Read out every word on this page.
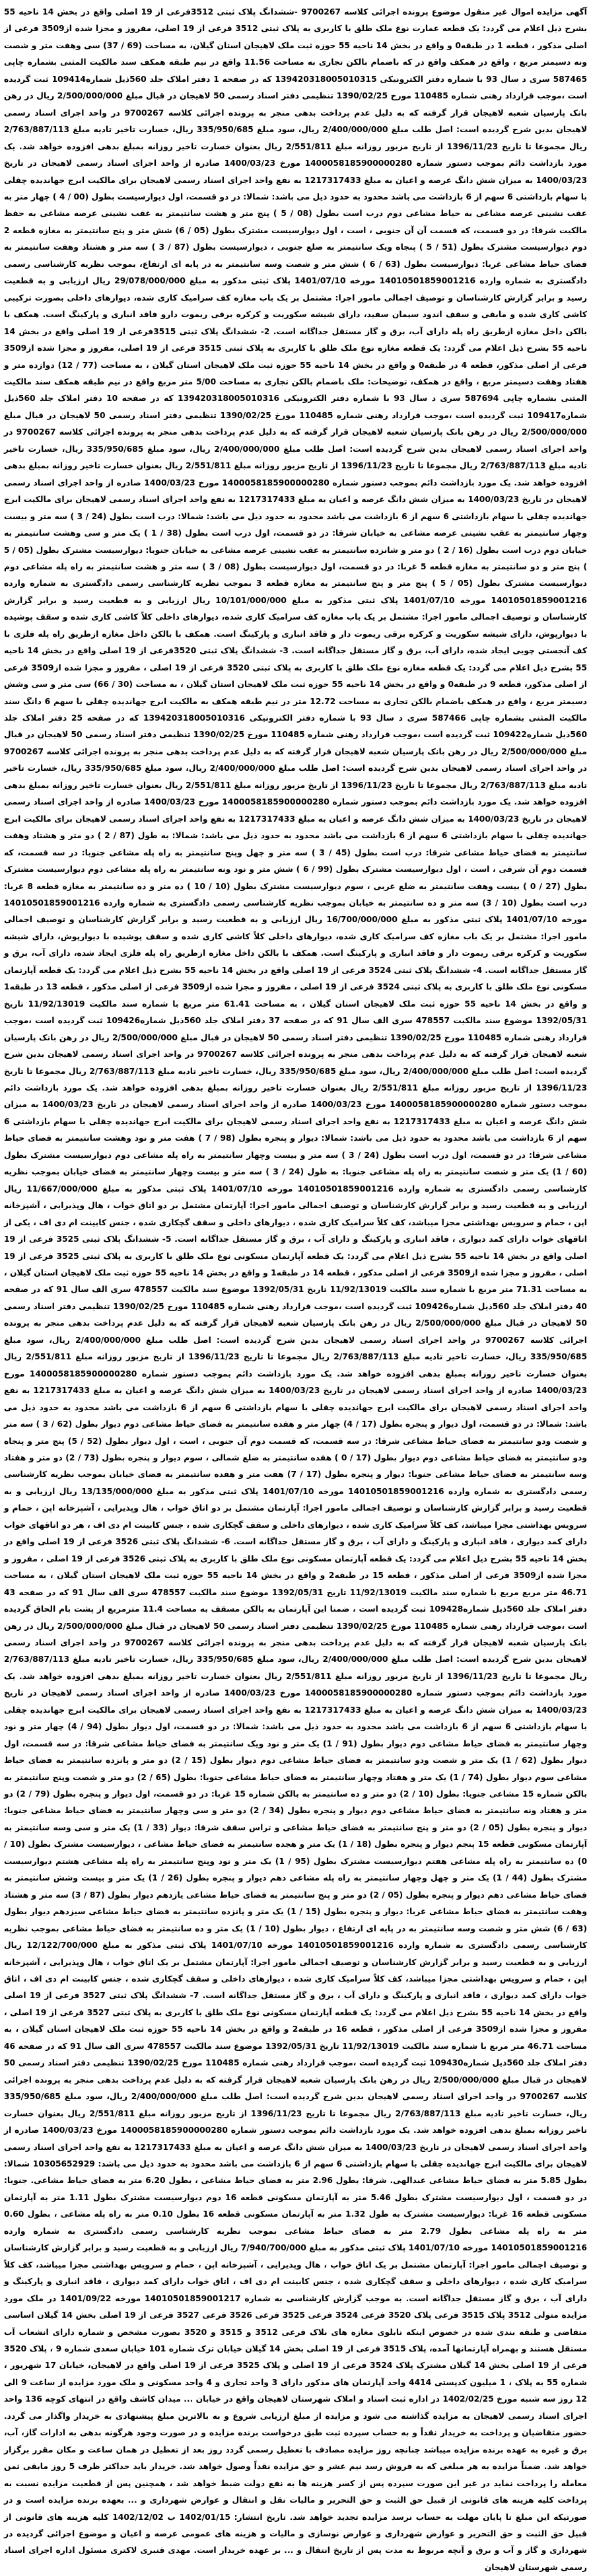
آگهی مزایده اموال غیر منقول موضوع پرونده اجرائی کلاسه 9700267 -ششدانگ پلاک ثبتی 3512فرعی از 19 اصلی واقع در بخش 14 ناحیه 55 بشرح ذیل اعلام می گردد: یک قطعه عمارت نوع ملک طلق با کاربری به پلاک ثبتی 3512 فرعی از 19 اصلی، مفروز و مجزا شده از3509 فرعی از اصلی مذکور ، قطعه 1 در طبقه0 و واقع در بخش 14 ناحیه 55 حوزه ثبت ملک لاهیجان استان گیلان، به مساحت (69 / 37) سی وهفت متر و شصت ونه دسیمتر مربع ، واقع در همکف واقع در که باضمام بالکن تجاری به مساحت 11.56 واقع در نیم طبقه همکف سند مالکیت المثنی بشماره چاپی 587465 سری د سال 93 با شماره دفتر الکترونیکی 139420318005010315 که در صفحه 1 دفتر املاک جلد 560ذیل شماره109414 ثبت گردیده است ،موجب قرارداد رهنی شماره 110485 مورخ 1390/02/25 تنظیمی دفتر اسناد رسمی 50 لاهیجان در قبال مبلغ 2/500/000/000 ریال در رهن بانک پارسیان شعبه لاهیجان قرار گرفته که به دلیل عدم پرداخت بدهی منجر به پرونده اجرائی کلاسه 9700267 در واحد اجرای اسناد رسمی لاهیجان بدین شرح گردیده است: اصل طلب مبلغ 2/400/000/000 ریال، سود مبلغ 335/950/685 ریال، خسارت تاخیر تادیه مبلغ 2/763/887/113 ریال مجموعا تا تاریخ 1396/11/23 از تاریخ مزبور روزانه مبلغ 2/551/811 ریال بعنوان خسارت تاخیر روزانه بمبلغ بدهی افزوده خواهد شد. یک مورد بازداشت دائم بموجب دستور شماره 1400058185900000280 مورخ 1400/03/23 صادره از واحد اجرای اسناد رسمی لاهیجان در تاریخ 1400/03/23 به میزان شش دانگ عرصه و اعیان به مبلغ 1217317433 به نفع واحد اجرای اسناد رسمی لاهیجان برای مالکیت ابرج جهاندیده چقلی با سهام بازداشتی 6 سهم از 6 بازداشت می باشد محدود به حدود ذیل می باشد: شمالا: در دو قسمت، اول دیوارسیست بطول (00 / 4 ) چهار متر به عقب نشینی عرصه مشاعی به حیاط مشاعی دوم درب است بطول (08 / 5 ) پنج متر و هشت سانتیمتر به عقب نشینی عرصه مشاعی به حفظ مالکیت شرقا: در دو قسمت، که قسمت آن آن جنوبی ، است ، اول دیوارسیست مشترک بطول (05 / 6) شش متر و پنج سانتیمتر به مغازه قطعه 2 دوم دیوارسیست مشترک بطول (51 / 5 ) پنجاه ویک سانتیمتر به ضلع جنوبی ، دیوارسیست بطول (87 / 3 ) سه متر و هشتاد وهفت سانتیمتر به فضای حیاط مشاعی غربا: دیوارسیست بطول (63 / 6 ) شش متر و شصت وسه سانتیمتر به در پایه ای ارتفاع، بموجب نظریه کارشناسی رسمی دادگستری به شماره وارده 14010501859001216 مورخه 1401/07/10 پلاک ثبتی مذکور به مبلغ 29/078/000/000 ریال ارزیابی و به قطعیت رسید و برابر گزارش کارشناسان و توصیف اجمالی مامور اجرا: مشتمل بر یک باب مغازه کف سرامیک کاری شده، دیوارهای داخلی بصورت ترکیبی کاشی کاری شده و مابقی و سقف اندود سیمان سفید، دارای شیشه سکوریت و کرکره برقی ریموت دارو فاقد انباری و پارکینگ است. همکف با بالکن داخل مغازه ازطریق راه پله دارای آب، برق و گاز مستقل جداگانه است. 2- ششدانگ پلاک ثبتی 3515فرعی از 19 اصلی واقع در بخش 14 ناحیه 55 بشرح ذیل اعلام می گردد: یک قطعه مغازه نوع ملک طلق با کاربری به پلاک ثبتی 3515 فرعی از 19 اصلی، مفروز و مجزا شده از3509 فرعی از اصلی مذکور، قطعه 4 در طبقه0 و واقع در بخش 14 ناحیه 55 حوزه ثبت ملک لاهیجان استان گیلان ، به مساحت (77 / 12) دوازده متر و هفتاد وهفت دسیمتر مربع ، واقع در همکف، توضیحات: ملک باضمام بالکن تجاری به مساحت 5/00 متر مربع واقع در نیم طبقه همکف سند مالکیت المثنی بشماره چاپی 587694 سری د سال 93 با شماره دفتر الکترونیکی 139420318005010316 که در صفحه 10 دفتر املاک جلد 560ذیل شماره109417 ثبت گردیده است ،موجب قرارداد رهنی شماره 110485 مورخ 1390/02/25 تنظیمی دفتر اسناد رسمی 50 لاهیجان در قبال مبلغ 2/500/000/000 ریال در رهن بانک پارسیان شعبه لاهیجان قرار گرفته که به دلیل عدم پرداخت بدهی منجر به پرونده اجرائی کلاسه 9700267 در واحد اجرای اسناد رسمی لاهیجان بدین شرح گردیده است: اصل طلب مبلغ 2/400/000/000 ریال، سود مبلغ 335/950/685 ریال، خسارت تاخیر تادیه مبلغ 2/763/887/113 ریال مجموعا تا تاریخ 1396/11/23 از تاریخ مزبور روزانه مبلغ 2/551/811 ریال بعنوان خسارت تاخیر روزانه بمبلغ بدهی افزوده خواهد شد. یک مورد بازداشت دائم بموجب دستور شماره 1400058185900000280 مورخ 1400/03/23 صادره از واحد اجرای اسناد رسمی لاهیجان در تاریخ 1400/03/23 به میزان شش دانگ عرصه و اعیان به مبلغ 1217317433 به نفع واحد اجرای اسناد رسمی لاهیجان برای مالکیت ابرج جهاندیده چقلی با سهام بازداشتی 6 سهم از 6 بازداشت می باشد محدود به حدود ذیل می باشد: شمالا: درب است بطول (24 / 3 ) سه متر و بیست وچهار سانتیمتر به عقب نشینی عرصه مشاعی به خیابان شرقا: در دو قسمت، اول درب است بطول (38 / 1 ) یک متر و سی وهشت سانتیمتر به خیابان دوم درب است بطول (16 / 2 ) دو متر و شانزده سانتیمتر به عقب نشینی عرصه مشاعی به خیابان جنوبا: دیوارسیست مشترک بطول (05 / 5 ) پنج متر و دو سانتیمتر به مغازه قطعه 5 غربا: در دو قسمت، اول دیوارسیست بطول (08 / 3 ) سه متر و هشت سانتیمتر به راه پله مشاعی دوم دیوارسیست مشترک بطول (05 / 5 ) پنج متر و پنج سانتیمتر به مغازه قطعه 3 بموجب نظریه کارشناسی رسمی دادگستری به شماره وارده 14010501859001216 مورخه 1401/07/10 پلاک ثبتی مذکور به مبلغ 10/101/000/000 ریال ارزیابی و به قطعیت رسید و برابر گزارش کارشناسان و توصیف اجمالی مامور اجرا: مشتمل بر یک باب مغازه کف سرامیک کاری شده، دیوارهای داخلی کلاً کاشی کاری شده و سقف پوشیده با دیوارپوش، دارای شیشه سکوریت و کرکره برقی ریموت دار و فاقد انباری و پارکینگ است. همکف با بالکن داخل مغازه ازطریق راه پله فلزی با کف آنجستی چوبی ایجاد شده، دارای آب، برق و گاز مستقل جداگانه است. 3- ششدانگ پلاک ثبتی 3520فرعی از 19 اصلی واقع در بخش 14 ناحیه 55 بشرح ذیل اعلام می گردد: یک قطعه مغازه نوع ملک طلق با کاربری به پلاک ثبتی 3520 فرعی از 19 اصلی ، مفروز و مجزا شده از3509 فرعی از اصلی مذکور، قطعه 9 در طبقه0 و واقع در بخش 14 ناحیه 55 حوزه ثبت ملک لاهیجان استان گیلان ، به مساحت (30 / 66) سی متر و سی وشش دسیمتر مربع ، واقع در همکف باضمام بالکن تجاری به مساحت 12.72 متر در نیم طبقه همکف به مالکیت ابرج جهاندیده چقلی با سهم 6 دانگ سند مالکیت المثنی بشماره چاپی 587466 سری د سال 93 با شماره دفتر الکترونیکی 139420318005010316 که در صفحه 25 دفتر املاک جلد 560ذیل شماره109422 ثبت گردیده است ،موجب قرارداد رهنی شماره 110485 مورخ 1390/02/25 تنظیمی دفتر اسناد رسمی 50 لاهیجان در قبال مبلغ 2/500/000/000 ریال در رهن بانک پارسیان شعبه لاهیجان قرار گرفته که به دلیل عدم پرداخت بدهی منجر به پرونده اجرائی کلاسه 9700267 در واحد اجرای اسناد رسمی لاهیجان بدین شرح گردیده است: اصل طلب مبلغ 2/400/000/000 ریال، سود مبلغ 335/950/685 ریال، خسارت تاخیر تادیه مبلغ 2/763/887/113 ریال مجموعا تا تاریخ 1396/11/23 از تاریخ مزبور روزانه مبلغ 2/551/811 ریال بعنوان خسارت تاخیر روزانه بمبلغ بدهی افزوده خواهد شد. یک مورد بازداشت دائم بموجب دستور شماره 1400058185900000280 مورخ 1400/03/23 صادره از واحد اجرای اسناد رسمی لاهیجان در تاریخ 1400/03/23 به میزان شش دانگ عرصه و اعیان به مبلغ 1217317433 به نفع واحد اجرای اسناد رسمی لاهیجان برای مالکیت ابرج جهاندیده چقلی با سهام بازداشتی 6 سهم از 6 بازداشت می باشد محدود به حدود ذیل می باشد: شمالا: به طول (87 / 2 ) دو متر و هشتاد وهفت سانتیمتر به فضای حیاط مشاعی شرقا: درب است بطول (45 / 3 ) سه متر و چهل وپنج سانتیمتر به راه پله مشاعی جنوبا: در سه قسمت، که قسمت دوم آن شرقی ، است ، اول دیوارسیست مشترک بطول (99 / 6 ) شش متر و نود ونه سانتیمتر به راه پله مشاعی دوم دیوارسیست مشترک بطول (27 / 0 ) بیست وهفت سانتیمتر به ضلع غربی ، سوم دیوارسیست مشترک بطول (10 / 10 ) ده متر و ده سانتیمتر به مغازه قطعه 8 غربا: درب است بطول (10 / 3) سه متر و ده سانتیمتر به خیابان بموجب نظریه کارشناسی رسمی دادگستری به شماره وارده 14010501859001216 مورخه 1401/07/10 پلاک ثبتی مذکور به مبلغ 16/700/000/000 ریال ارزیابی و به قطعیت رسید و برابر گزارش کارشناسان و توصیف اجمالی مامور اجرا: مشتمل بر یک باب مغازه کف سرامیک کاری شده، دیوارهای داخلی کلاً کاشی کاری شده و سقف پوشیده با دیوارپوش، دارای شیشه سکوریت و کرکره برقی ریموت دار و فاقد انباری و پارکینگ است. همکف با بالکن داخل مغازه ازطریق راه پله فلزی ایجاد شده، دارای آب، برق و گاز مستقل جداگانه است. 4- ششدانگ پلاک ثبتی 3524 فرعی از 19 اصلی واقع در بخش 14 ناحیه 55 بشرح ذیل اعلام می گردد: یک قطعه آپارتمان مسکونی نوع ملک طلق با کاربری به پلاک ثبتی 3524 فرعی از 19 اصلی ، مفروز و مجزا شده از3509 فرعی از اصلی مذکور ، قطعه 13 در طبقه1 و واقع در بخش 14 ناحیه 55 حوزه ثبت ملک لاهیجان استان گیلان ، به مساحت 61.41 متر مربع با شماره سند مالکیت 11/92/13019 تاریخ 1392/05/31 موضوع سند مالکیت 478557 سری الف سال 91 که در صفحه 37 دفتر املاک جلد 560ذیل شماره109426 ثبت گردیده است ،موجب قرارداد رهنی شماره 110485 مورخ 1390/02/25 تنظیمی دفتر اسناد رسمی 50 لاهیجان در قبال مبلغ 2/500/000/000 ریال در رهن بانک پارسیان شعبه لاهیجان قرار گرفته که به دلیل عدم پرداخت بدهی منجر به پرونده اجرائی کلاسه 9700267 در واحد اجرای اسناد رسمی لاهیجان بدین شرح گردیده است: اصل طلب مبلغ 2/400/000/000 ریال، سود مبلغ 335/950/685 ریال، خسارت تاخیر تادیه مبلغ 2/763/887/113 ریال مجموعا تا تاریخ 1396/11/23 از تاریخ مزبور روزانه مبلغ 2/551/811 ریال بعنوان خسارت تاخیر روزانه بمبلغ بدهی افزوده خواهد شد. یک مورد بازداشت دائم بموجب دستور شماره 1400058185900000280 مورخ 1400/03/23 صادره از واحد اجرای اسناد رسمی لاهیجان در تاریخ 1400/03/23 به میزان شش دانگ عرصه و اعیان به مبلغ 1217317433 به نفع واحد اجرای اسناد رسمی لاهیجان برای مالکیت ابرج جهاندیده چقلی با سهام بازداشتی 6 سهم از 6 بازداشت می باشد محدود به حدود ذیل می باشد: شمالا: دیوار و پنجره بطول (98 / 7 ) هفت متر و نود وهشت سانتیمتر به فضای حیاط مشاعی شرقا: در دو قسمت، اول درب است بطول (24 / 3 ) سه متر و بیست وچهار سانتیمتر به راه پله مشاعی دوم دیوارسیست مشترک بطول (60 / 1) یک متر و شصت سانتیمتر به راه پله مشاعی جنوبا: به طول (24 / 3 ) سه متر و بیست وچهار سانتیمتر به فضای خیابان بموجب نظریه کارشناسی رسمی دادگستری به شماره وارده 14010501859001216 مورخه 1401/07/10 پلاک ثبتی مذکور به مبلغ 11/667/000/000 ریال ارزیابی و به قطعیت رسید و برابر گزارش کارشناسان و توصیف اجمالی مامور اجرا: آپارتمان مشتمل بر دو اتاق خواب ، هال وپذیرایی ، آشپزخانه اپن ، حمام و سرویس بهداشتی مجزا میباشد، کف کلاً سرامیک کاری شده ، دیوارهای داخلی و سقف گچکاری شده ، جنس کابینت ام دی اف ، یکی از اتاقهای خواب دارای کمد دیواری ، فاقد انباری و پارکینگ و دارای آب ، برق و گاز مستقل جداگانه است. 5- ششدانگ پلاک ثبتی 3525 فرعی از 19 اصلی واقع در بخش 14 ناحیه 55 بشرح ذیل اعلام می گردد: یک قطعه آپارتمان مسکونی نوع ملک طلق با کاربری به پلاک ثبتی 3525 فرعی از 19 اصلی ، مفروز و مجزا شده از3509 فرعی از اصلی مذکور ، قطعه 14 در طبقه1 و واقع در بخش 14 ناحیه 55 حوزه ثبت ملک لاهیجان استان گیلان ، به مساحت 71.31 متر مربع با شماره سند مالکیت 11/92/13019 تاریخ 1392/05/31 موضوع سند مالکیت 478557 سری الف سال 91 که در صفحه 40 دفتر املاک جلد 560ذیل شماره109426 ثبت گردیده است ،موجب قرارداد رهنی شماره 110485 مورخ 1390/02/25 تنظیمی دفتر اسناد رسمی 50 لاهیجان در قبال مبلغ 2/500/000/000 ریال در رهن بانک پارسیان شعبه لاهیجان قرار گرفته که به دلیل عدم پرداخت بدهی منجر به پرونده اجرائی کلاسه 9700267 در واحد اجرای اسناد رسمی لاهیجان بدین شرح گردیده است: اصل طلب مبلغ 2/400/000/000 ریال، سود مبلغ 335/950/685 ریال، خسارت تاخیر تادیه مبلغ 2/763/887/113 ریال مجموعا تا تاریخ 1396/11/23 از تاریخ مزبور روزانه مبلغ 2/551/811 ریال بعنوان خسارت تاخیر روزانه بمبلغ بدهی افزوده خواهد شد. یک مورد بازداشت دائم بموجب دستور شماره 1400058185900000280 مورخ 1400/03/23 صادره از واحد اجرای اسناد رسمی لاهیجان در تاریخ 1400/03/23 به میزان شش دانگ عرصه و اعیان به مبلغ 1217317433 به نفع واحد اجرای اسناد رسمی لاهیجان برای مالکیت ابرج جهاندیده چقلی با سهام بازداشتی 6 سهم از 6 بازداشت می باشد محدود به حدود ذیل می باشد: شمالا: در دو قسمت، اول دیوار و پنجره بطول (17 / 4) چهار متر و هفده سانتیمتر به فضای حیاط مشاعی دوم دیوار بطول (62 / 3 ) سه متر و شصت ودو سانتیمتر به فضای حیاط مشاعی شرقا: در سه قسمت، که قسمت دوم آن جنوبی ، است ، اول دیوار بطول (52 / 5) پنج متر و پنجاه ودو سانتیمتر به فضای حیاط مشاعی دوم دیوار بطول (17 / 0 ) هفده سانتیمتر به ضلع شمالی ، سوم دیوار و پنجره بطول (73 / 2) دو متر و هفتاد وسه سانتیمتر به فضای حیاط مشاعی جنوبا: دیوار و پنجره بطول (17 / 7) هفت متر و هفده سانتیمتر به فضای خیابان بموجب نظریه کارشناسی رسمی دادگستری به شماره وارده 14010501859001216 مورخه 1401/07/10 پلاک ثبتی مذکور به مبلغ 13/135/000/000 ریال ارزیابی و به قطعیت رسید و برابر گزارش کارشناسان و توصیف اجمالی مامور اجرا: آپارتمان مشتمل بر دو اتاق خواب ، هال وپذیرایی ، آشپزخانه اپن ، حمام و سرویس بهداشتی مجزا میباشد، کف کلاً سرامیک کاری شده ، دیوارهای داخلی و سقف گچکاری شده ، جنس کابینت ام دی اف ، هر دو اتاقهای خواب دارای کمد دیواری ، فاقد انباری و پارکینگ و دارای آب ، برق و گاز مستقل جداگانه است. 6- ششدانگ پلاک ثبتی 3526 فرعی از 19 اصلی واقع در بخش 14 ناحیه 55 بشرح ذیل اعلام می گردد: یک قطعه آپارتمان مسکونی نوع ملک طلق با کاربری به پلاک ثبتی 3526 فرعی از 19 اصلی ، مفروز و مجزا شده از3509 فرعی از اصلی مذکور ، قطعه 15 در طبقه2 و واقع در بخش 14 ناحیه 55 حوزه ثبت ملک لاهیجان استان گیلان ، به مساحت 46.71 متر مربع مربع با شماره سند مالکیت 11/92/13019 تاریخ 1392/05/31 موضوع سند مالکیت 478557 سری الف سال 91 که در صفحه 43 دفتر املاک جلد 560ذیل شماره109428 ثبت گردیده است ، ضمنا این آپارتمان به بالکن مسقف به مساحت 11.4 مترمربع از پشت بام الحاق گردیده است ،موجب قرارداد رهنی شماره 110485 مورخ 1390/02/25 تنظیمی دفتر اسناد رسمی 50 لاهیجان در قبال مبلغ 2/500/000/000 ریال در رهن بانک پارسیان شعبه لاهیجان قرار گرفته که به دلیل عدم پرداخت بدهی منجر به پرونده اجرائی کلاسه 9700267 در واحد اجرای اسناد رسمی لاهیجان بدین شرح گردیده است: اصل طلب مبلغ 2/400/000/000 ریال، سود مبلغ 335/950/685 ریال، خسارت تاخیر تادیه مبلغ 2/763/887/113 ریال مجموعا تا تاریخ 1396/11/23 از تاریخ مزبور روزانه مبلغ 2/551/811 ریال بعنوان خسارت تاخیر روزانه بمبلغ بدهی افزوده خواهد شد. یک مورد بازداشت دائم بموجب دستور شماره 1400058185900000280 مورخ 1400/03/23 صادره از واحد اجرای اسناد رسمی لاهیجان در تاریخ 1400/03/23 به میزان شش دانگ عرصه و اعیان به مبلغ 1217317433 به نفع واحد اجرای اسناد رسمی لاهیجان برای مالکیت ابرج جهاندیده چقلی با سهام بازداشتی 6 سهم از 6 بازداشت می باشد محدود به حدود ذیل می باشد: شمالا: در دو قسمت، اول دیوار بطول (94 / 4) چهار متر و نود وچهار سانتیمتر به فضای حیاط مشاعی دوم دیوار بطول (91 / 1) یک متر و نود ویک سانتیمتر به فضای حیاط مشاعی شرقا: در سه قسمت، اول دیوار بطول (62 / 1) یک متر و شصت ودو سانتیمتر به فضای حیاط مشاعی دوم دیوار بطول (15 / 2) دو متر و پانزده سانتیمتر به فضای حیاط مشاعی سوم دیوار بطول (74 / 1) یک متر و هفتاد وچهار سانتیمتر به فضای حیاط مشاعی جنوبا: بطول (65 / 2) دو متر و شصت وپنج سانتیمتر به بالکن شماره 15 مشاعی جنوبا: بطول (10 / 2) دو متر و ده سانتیمتر به بالکن شماره 15 غربا: در دو قسمت، اول دیوار و پنجره بطول (79 / 2) دو متر و هفتاد ونه سانتیمتر به فضای حیاط مشاعی دوم دیوار و پنجره بطول (34 / 2) دو متر و سی وچهار سانتیمتر به فضای حیاط مشاعی جنوبا: دیوار و پنجره بطول (05 / 2) دو متر و پنج سانتیمتر به فضای حیاط مشاعی و تراس سقف شرقا: دیوار (33 / 1) یک متر و سی وسه سانتیمتر به آپارتمان مسکونی قطعه 15 پنجم دیوار و پنجره بطول (18 / 1) یک متر و هجده سانتیمتر به فضای حیاط مشاعی ، دیوارسیست مشترک بطول (10 / 0) ده سانتیمتر به راه پله مشاعی هفتم دیوارسیست مشترک بطول (95 / 1) یک متر و نود وپنج سانتیمتر به راه پله مشاعی هشتم دیوارسیست مشترک بطول (44 / 1) یک متر و چهل وچهار سانتیمتر به راه پله مشاعی دهم دیوار و پنجره بطول (26 / 1) یک متر و بیست وشش سانتیمتر به فضای حیاط مشاعی دهم دیوار و پنجره بطول (05 / 2) دو متر و پنج سانتیمتر به فضای حیاط مشاعی یازدهم دیوار بطول (87 / 3) سه متر و هشتاد وهفت سانتیمتر به فضای حیاط مشاعی غربا: دیوار و پنجره بطول (15 / 1) یک متر و پانزده سانتیمتر به فضای حیاط مشاعی سیزدهم دیوار بطول (63 / 6) شش متر و شصت وسه سانتیمتر به در پایه ای ارتفاع ، دیوار بطول (10 / 1) یک متر و ده سانتیمتر به فضای حیاط مشاعی بموجب نظریه کارشناسی رسمی دادگستری به شماره وارده 14010501859001216 مورخه 1401/07/10 پلاک ثبتی مذکور به مبلغ 12/122/700/000 ریال ارزیابی و به قطعیت رسید و برابر گزارش کارشناسان و توصیف اجمالی مامور اجرا: آپارتمان مشتمل بر یک اتاق خواب ، هال وپذیرایی ، آشپزخانه اپن ، حمام و سرویس بهداشتی مجزا میباشد، کف کلاً سرامیک کاری شده ، دیوارهای داخلی و سقف گچکاری شده ، جنس کابینت ام دی اف ، اتاق خواب دارای کمد دیواری ، فاقد انباری و پارکینگ و دارای آب ، برق و گاز مستقل جداگانه است. 7- ششدانگ پلاک ثبتی 3527 فرعی از 19 اصلی واقع در بخش 14 ناحیه 55 بشرح ذیل اعلام می گردد: یک قطعه آپارتمان مسکونی نوع ملک طلق با کاربری به پلاک ثبتی 3527 فرعی از 19 اصلی ، مفروز و مجزا شده از3509 فرعی از اصلی مذکور ، قطعه 16 در طبقه2 و واقع در بخش 14 ناحیه 55 حوزه ثبت ملک لاهیجان استان گیلان ، به مساحت 46.71 متر مربع با شماره سند مالکیت 11/92/13019 تاریخ 1392/05/31 موضوع سند مالکیت 478557 سری الف سال 91 که در صفحه 46 دفتر املاک جلد 560ذیل شماره109430 ثبت گردیده است ،موجب قرارداد رهنی شماره 110485 مورخ 1390/02/25 تنظیمی دفتر اسناد رسمی 50 لاهیجان در قبال مبلغ 2/500/000/000 ریال در رهن بانک پارسیان شعبه لاهیجان قرار گرفته که به دلیل عدم پرداخت بدهی منجر به پرونده اجرائی کلاسه 9700267 در واحد اجرای اسناد رسمی لاهیجان بدین شرح گردیده است: اصل طلب مبلغ 2/400/000/000 ریال، سود مبلغ 335/950/685 ریال، خسارت تاخیر تادیه مبلغ 2/763/887/113 ریال مجموعا تا تاریخ 1396/11/23 از تاریخ مزبور روزانه مبلغ 2/551/811 ریال بعنوان خسارت تاخیر روزانه بمبلغ بدهی افزوده خواهد شد. یک مورد بازداشت دائم بموجب دستور شماره 1400058185900000280 مورخ 1400/03/23 صادره از واحد اجرای اسناد رسمی لاهیجان در تاریخ 1400/03/23 به میزان شش دانگ عرصه و اعیان به مبلغ 1217317433 به نفع واحد اجرای اسناد رسمی لاهیجان برای مالکیت ابرج جهاندیده چقلی با سهام بازداشتی 6 سهم از 6 بازداشت می باشد محدود به حدود ذیل می باشد: 10305652929 شمالا: بطول 5.85 متر به فضای حیاط مشاعی عبدالهی. شرقا: بطول 2.96 متر به فضای حیاط مشاعی ، بطول 6.20 متر به فضای حیاط مشاعی. جنوبا: در دو قسمت ، اول دیوارسیست مشترک بطول 5.46 متر به آپارتمان مسکونی قطعه 16 دوم دیوارسیست مشترک بطول 1.11 متر به آپارتمان مسکونی قطعه 16 غربا: دیوارسیست مشترک به طول 1.32 متر به آپارتمان مسکونی قطعه 16 بطول 0.10 متر به راه پله مشاعی ، بطول 0.60 متر به راه پله مشاعی بطول 2.79 متر به فضای حیاط مشاعی بموجب نظریه کارشناسی رسمی دادگستری به شماره وارده 14010501859001216 مورخه 1401/07/10 پلاک ثبتی مذکور به مبلغ 7/940/700/000 ریال ارزیابی و به قطعیت رسید و برابر گزارش کارشناسان و توصیف اجمالی مامور اجرا: آپارتمان مشتمل بر یک اتاق خواب ، هال وپذیرایی ، آشپزخانه اپن ، حمام و سرویس بهداشتی مجزا میباشد، کف کلاً سرامیک کاری شده ، دیوارهای داخلی و سقف گچکاری شده ، جنس کابینت ام دی اف ، اتاق خواب دارای کمد دیواری ، فاقد انباری و پارکینگ و دارای آب ، برق و گاز مستقل جداگانه است. به موجب گزارش کارشناسی به شماره 14010501859001217 مورخه 1401/09/22 در ملک مورد مزایده متولی 3512 پلاک 3515 فرعی پلاک 3520 فرعی 3524 فرعی 3525 فرعی 3526 فرعی 3527 فرعی از 19 اصلی بخش 14 گیلان اساسی متقاضی و طبقه بندی شده در خصوص اینکه نابلوی مغازه های بلاک فرعی 3512 و 3515 و 3520 بصورت مشخص و شماره دارای انشعاب آب مستقل هستند و بهمراه آپارتمانها آمده، پلاک 3515 فرعی از 19 اصلی بخش 14 گیلان خیابان ترک شماره 101 خیابان سعدی شماره 9 ، پلاک 3520 فرعی از 19 اصلی بخش 14 گیلان مشترک پلاک 3524 فرعی از 19 اصلی و پلاک 3525 فرعی از 19 اصلی واقع در لاهیجان، خیابان 17 شهریور ، شماره 55 به پلاک ، 1 میلیون کدپستی 4414 واحد آپارتمان های مذکور دارای 3 واحد تجاری و 4 واحد مسکونی و ملک مورد مزایده از ساعت 9 الی 12 روز سه شنبه مورخ 1402/02/25 در اداره ثبت اسناد و املاک شهرستان لاهیجان واقع در خیابان ... میدان کاشف واقع در انتهای کوچه 136 واحد اجرای اسناد رسمی لاهیجان به مزایده گذاشته می شود و مزایده از مبلغ ارزیابی شروع و به بالاترین مبلغ پیشنهادی به خریدار واگذار می گردد. حضور متقاضیان و پرداخت به خریدار نقداً و به حساب سپرده ثبت طبق درخواست برنده مزایده و در صورت وجود هرگونه بدهی به ادارات گاز، آب، برق و غیره به عهده برنده مزایده میباشد چنانچه روز مزایده مصادف با تعطیل رسمی گردد روز بعد از تعطیل در همان ساعت و مکان مقرر برگزار خواهد شد. ضمناً مزایده به هر مبلغی که به فروش رسد نیم عشر و حق مزایده نقداً وصول خواهد شد. خریدار باید حداکثر ظرف 5 روز مابقی ثمن معامله را پرداخت نماید در غیر این صورت سپرده پس از کسر هزینه ها به نفع دولت ضبط خواهد شد ، همچنین پس از قطعیت مزایده نسبت به پرداخت کلیه هزینه های قانونی از قبیل حق الثبت و حق التحریر و مالیات نقل و انتقال و عوارض شهرداری و ... بعهده برنده مزایده است و در صورتیکه این مبلغ تا پایان مهلت به حساب نرسد مزایده تجدید خواهد شد. تاریخ انتشار: 1402/01/15 ب 1402/12/02 کلیه هزینه های قانونی از قبیل حق الثبت و حق التحریر و عوارض شهرداری و عوارض نوسازی و مالیات و هزینه های عمومی عرصه و اعیان و موضوع اجرائی گردیده در شهرداری و گاز و آب و برق و آنچه مربوط به مدت پس از تاریخ انتقال و ... بر عهده خریدار است. مهدی قنبری لاکتری مسئول اداره اجرای اسناد رسمی شهرستان لاهیجان
